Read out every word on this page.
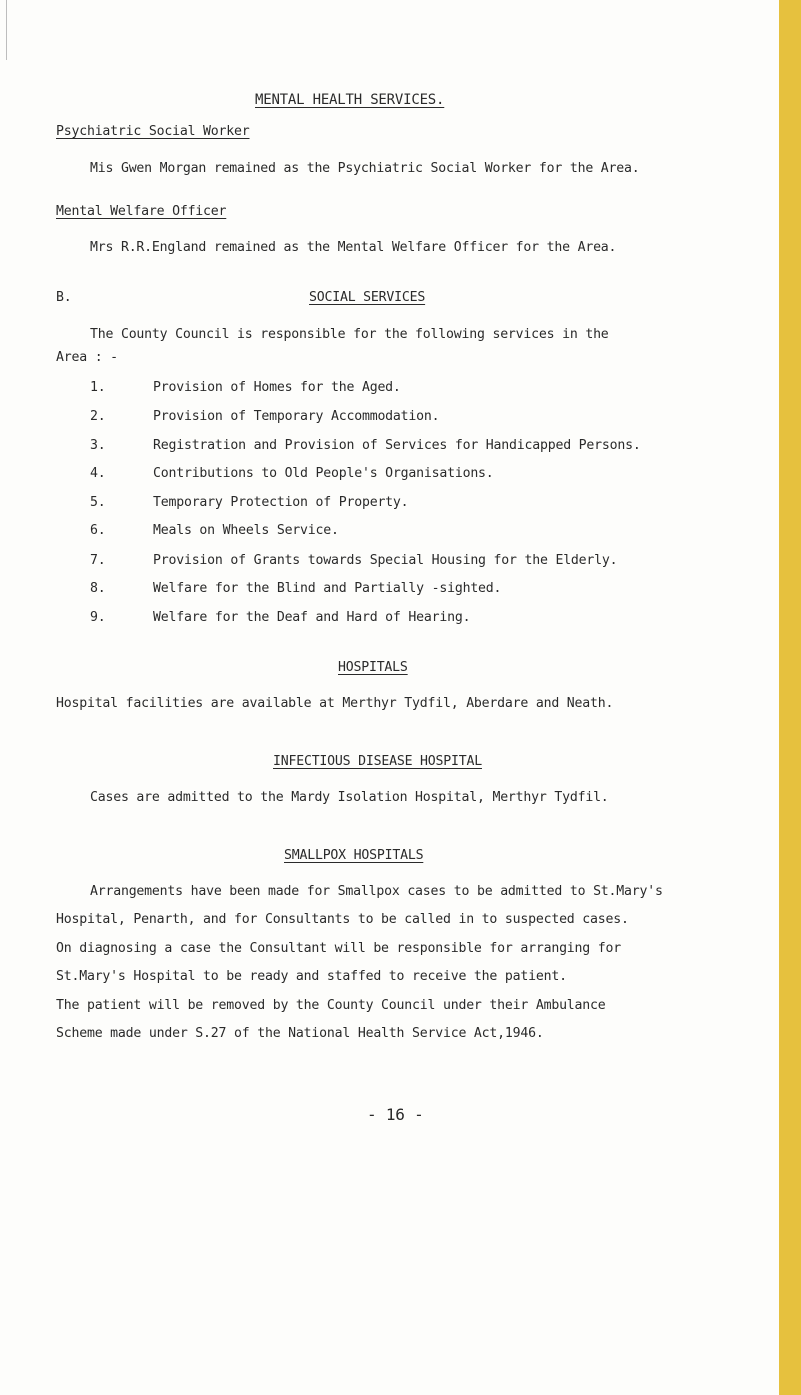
MENTAL HEALTH SERVICES.
Psychiatric Social Worker
Mis Gwen Morgan remained as the Psychiatric Social Worker for the Area.
Mental Welfare Officer
Mrs R.R.England remained as the Mental Welfare Officer for the Area.
B.	SOCIAL SERVICES
The County Council is responsible for the following services in the
Area : -
1.	Provision of Homes for the Aged.
2.	Provision of Temporary Accommodation.
3.	Registration and Provision of Services for Handicapped Persons.
4.	Contributions to Old People's Organisations.
5.	Temporary Protection of Property.
6.	Meals on Wheels Service.
7.	Provision of Grants towards Special Housing for the Elderly.
8.	Welfare for the Blind and Partially -sighted.
9.	Welfare for the Deaf and Hard of Hearing.
HOSPITALS
Hospital facilities are available at Merthyr Tydfil, Aberdare and Neath.
INFECTIOUS DISEASE HOSPITAL
Cases are admitted to the Mardy Isolation Hospital, Merthyr Tydfil.
SMALLPOX HOSPITALS
Arrangements have been made for Smallpox cases to be admitted to St.Mary's
Hospital, Penarth, and for Consultants to be called in to suspected cases.
On diagnosing a case the Consultant will be responsible for arranging for
St.Mary's Hospital to be ready and staffed to receive the patient.
The patient will be removed by the County Council under their Ambulance
Scheme made under S.27 of the National Health Service Act,1946.
- 16 -
